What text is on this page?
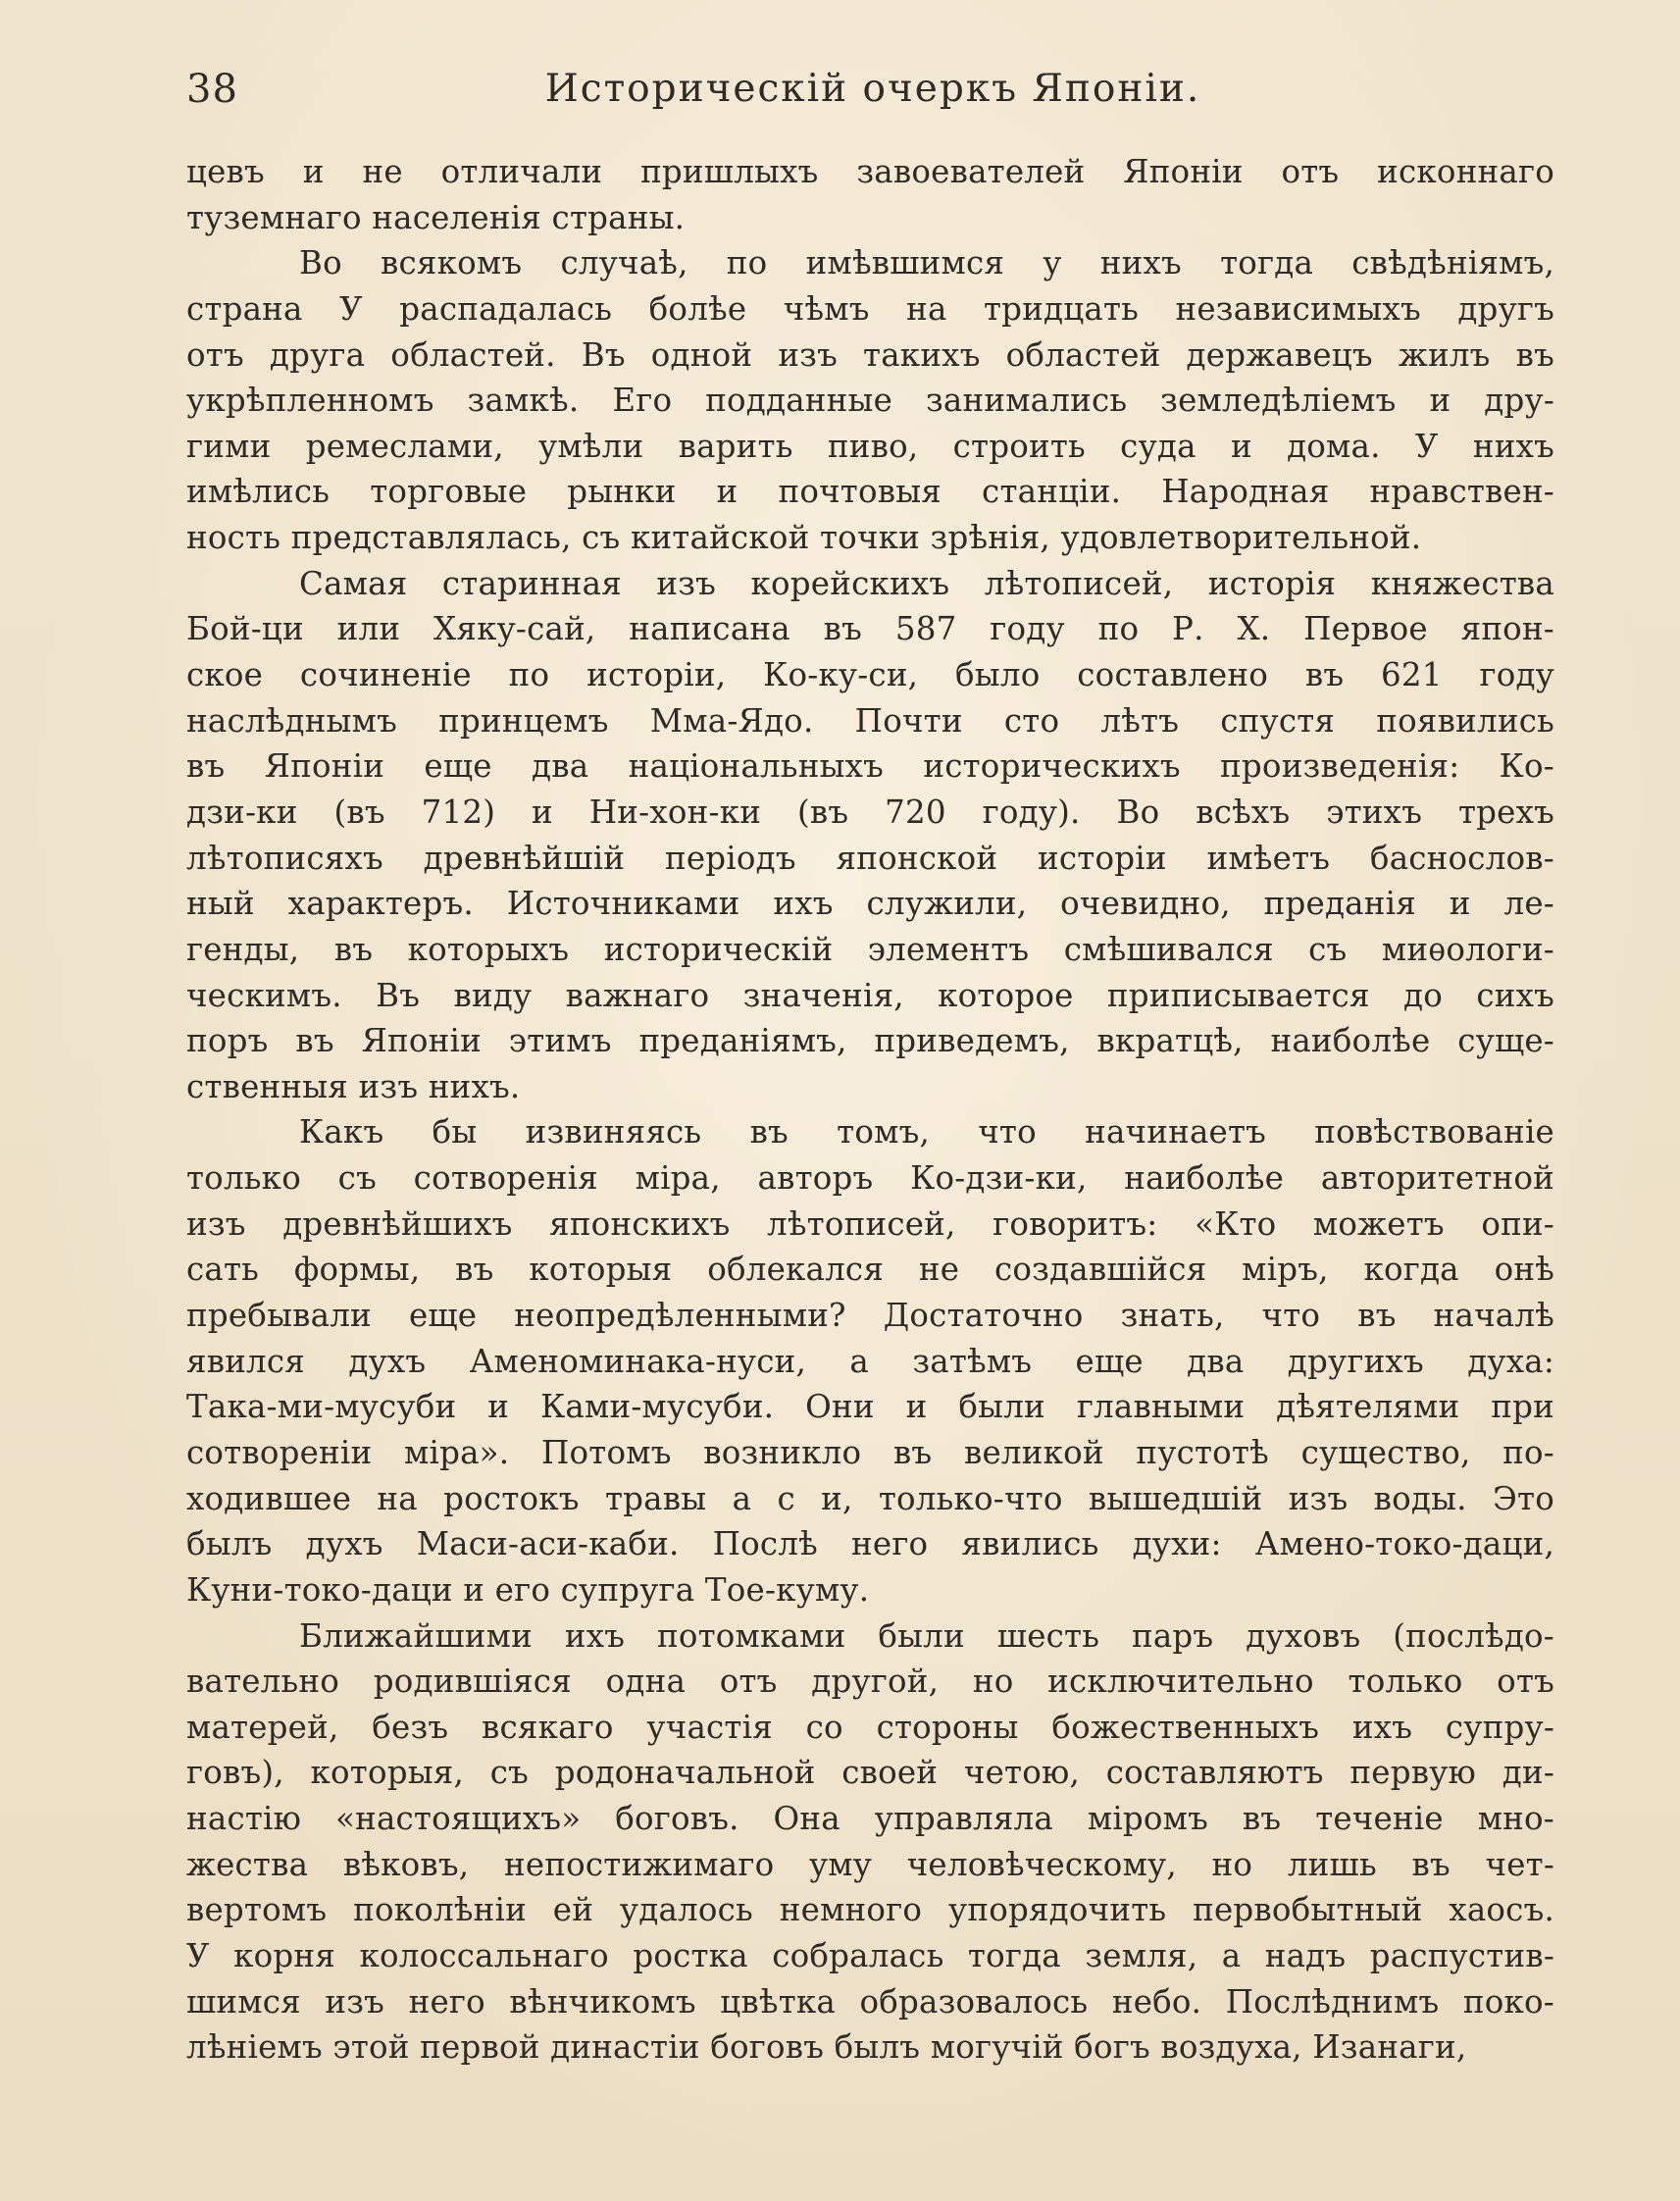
38	Историческій очеркъ Японіи.
цевъ и не отличали пришлыхъ завоевателей Японіи отъ исконнаго
туземнаго населенія страны.
Во всякомъ случаѣ, по имѣвшимся у нихъ тогда свѣдѣніямъ,
страна У распадалась болѣе чѣмъ на тридцать независимыхъ другъ
отъ друга областей. Въ одной изъ такихъ областей державецъ жилъ въ
укрѣпленномъ замкѣ. Его подданные занимались земледѣліемъ и дру-
гими ремеслами, умѣли варить пиво, строить суда и дома. У нихъ
имѣлись торговые рынки и почтовыя станціи. Народная нравствен-
ность представлялась, съ китайской точки зрѣнія, удовлетворительной.
Самая старинная изъ корейскихъ лѣтописей, исторія княжества
Бой-ци или Хяку-сай, написана въ 587 году по Р. Х. Первое япон-
ское сочиненіе по исторіи, Ко-ку-си, было составлено въ 621 году
наслѣднымъ принцемъ Мма-Ядо. Почти сто лѣтъ спустя появились
въ Японіи еще два національныхъ историческихъ произведенія: Ко-
дзи-ки (въ 712) и Ни-хон-ки (въ 720 году). Во всѣхъ этихъ трехъ
лѣтописяхъ древнѣйшій періодъ японской исторіи имѣетъ баснослов-
ный характеръ. Источниками ихъ служили, очевидно, преданія и ле-
генды, въ которыхъ историческій элементъ смѣшивался съ миѳологи-
ческимъ. Въ виду важнаго значенія, которое приписывается до сихъ
поръ въ Японіи этимъ преданіямъ, приведемъ, вкратцѣ, наиболѣе суще-
ственныя изъ нихъ.
Какъ бы извиняясь въ томъ, что начинаетъ повѣствованіе
только съ сотворенія міра, авторъ Ко-дзи-ки, наиболѣе авторитетной
изъ древнѣйшихъ японскихъ лѣтописей, говоритъ: «Кто можетъ опи-
сать формы, въ которыя облекался не создавшійся міръ, когда онѣ
пребывали еще неопредѣленными? Достаточно знать, что въ началѣ
явился духъ Аменоминака-нуси, а затѣмъ еще два другихъ духа:
Така-ми-мусуби и Ками-мусуби. Они и были главными дѣятелями при
сотвореніи міра». Потомъ возникло въ великой пустотѣ существо, по-
ходившее на ростокъ травы а с и, только-что вышедшій изъ воды. Это
былъ духъ Маси-аси-каби. Послѣ него явились духи: Амено-токо-даци,
Куни-токо-даци и его супруга Тое-куму.
Ближайшими ихъ потомками были шесть паръ духовъ (послѣдо-
вательно родившіяся одна отъ другой, но исключительно только отъ
матерей, безъ всякаго участія со стороны божественныхъ ихъ супру-
говъ), которыя, съ родоначальной своей четою, составляютъ первую ди-
настію «настоящихъ» боговъ. Она управляла міромъ въ теченіе мно-
жества вѣковъ, непостижимаго уму человѣческому, но лишь въ чет-
вертомъ поколѣніи ей удалось немного упорядочить первобытный хаосъ.
У корня колоссальнаго ростка собралась тогда земля, а надъ распустив-
шимся изъ него вѣнчикомъ цвѣтка образовалось небо. Послѣднимъ поко-
лѣніемъ этой первой династіи боговъ былъ могучій богъ воздуха, Изанаги,
